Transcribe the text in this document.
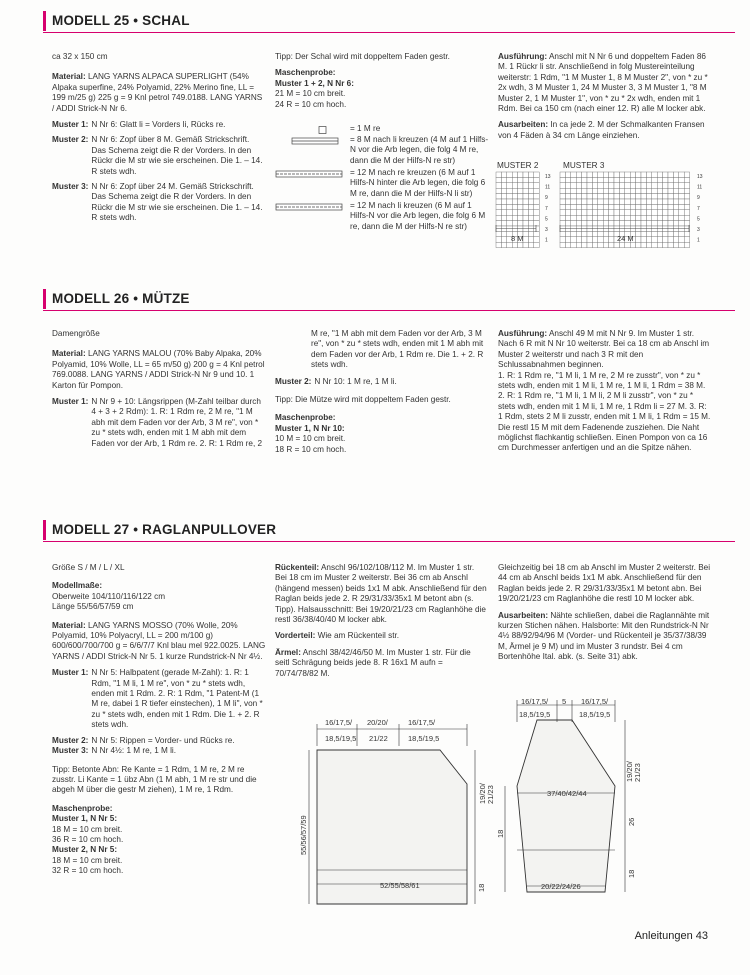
MODELL 25 • SCHAL

ca 32 x 150 cm

Material: LANG YARNS ALPACA SUPERLIGHT (54% Alpaka superfine, 24% Polyamid, 22% Merino fine, LL = 199 m/25 g) 225 g = 9 Knl petrol 749.0188. LANG YARNS / ADDI Strick-N Nr 6.

Muster 1: N Nr 6: Glatt li = Vorders li, Rücks re.
Muster 2: N Nr 6: Zopf über 8 M. Gemäß Strickschrift. Das Schema zeigt die R der Vorders. In den Rückr die M str wie sie erscheinen. Die 1. – 14. R stets wdh.
Muster 3: N Nr 6: Zopf über 24 M. Gemäß Strickschrift. Das Schema zeigt die R der Vorders. In den Rückr die M str wie sie erscheinen. Die 1. – 14. R stets wdh.

Tipp: Der Schal wird mit doppeltem Faden gestr.

Maschenprobe:
Muster 1 + 2, N Nr 6:
21 M = 10 cm breit.
24 R = 10 cm hoch.

= 1 M re
= 8 M nach li kreuzen (4 M auf 1 Hilfs-N vor die Arb legen, die folg 4 M re, dann die M der Hilfs-N re str)
= 12 M nach re kreuzen (6 M auf 1 Hilfs-N hinter die Arb legen, die folg 6 M re, dann die M der Hilfs-N li str)
= 12 M nach li kreuzen (6 M auf 1 Hilfs-N vor die Arb legen, die folg 6 M re, dann die M der Hilfs-N re str)

Ausführung: Anschl mit N Nr 6 und doppeltem Faden 86 M. 1 Rückr li str. Anschließend in folg Mustereinteilung weiterstr: 1 Rdm, "1 M Muster 1, 8 M Muster 2", von * zu * 2x wdh, 3 M Muster 1, 24 M Muster 3, 3 M Muster 1, "8 M Muster 2, 1 M Muster 1", von * zu * 2x wdh, enden mit 1 Rdm. Bei ca 150 cm (nach einer 12. R) alle M locker abk.

Ausarbeiten: In ca jede 2. M der Schmalkanten Fransen von 4 Fäden à 34 cm Länge einziehen.

MUSTER 2	MUSTER 3
13	13
11	11
9	9
7	7
5	5
3	3
1	1
8 M	24 M
MODELL 26 • MÜTZE

Damengröße

Material: LANG YARNS MALOU (70% Baby Alpaka, 20% Polyamid, 10% Wolle, LL = 65 m/50 g) 200 g = 4 Knl petrol 769.0088. LANG YARNS / ADDI Strick-N Nr 9 und 10. 1 Karton für Pompon.

Muster 1: N Nr 9 + 10: Längsrippen (M-Zahl teilbar durch 4 + 3 + 2 Rdm): 1. R: 1 Rdm re, 2 M re, "1 M abh mit dem Faden vor der Arb, 3 M re", von * zu * stets wdh, enden mit 1 M abh mit dem Faden vor der Arb, 1 Rdm re. 2. R: 1 Rdm re, 2

M re, "1 M abh mit dem Faden vor der Arb, 3 M re", von * zu * stets wdh, enden mit 1 M abh mit dem Faden vor der Arb, 1 Rdm re. Die 1. + 2. R stets wdh.

Muster 2: N Nr 10: 1 M re, 1 M li.

Tipp: Die Mütze wird mit doppeltem Faden gestr.

Maschenprobe:
Muster 1, N Nr 10:
10 M = 10 cm breit.
18 R = 10 cm hoch.

Ausführung: Anschl 49 M mit N Nr 9. Im Muster 1 str. Nach 6 R mit N Nr 10 weiterstr. Bei ca 18 cm ab Anschl im Muster 2 weiterstr und nach 3 R mit den Schlussabnahmen beginnen.

1. R: 1 Rdm re, "1 M li, 1 M re, 2 M re zusstr", von * zu * stets wdh, enden mit 1 M li, 1 M re, 1 M li, 1 Rdm = 38 M. 2. R: 1 Rdm re, "1 M li, 1 M li, 2 M li zusstr", von * zu * stets wdh, enden mit 1 M li, 1 M re, 1 Rdm li = 27 M. 3. R: 1 Rdm, stets 2 M li zusstr, enden mit 1 M li, 1 Rdm = 15 M. Die restl 15 M mit dem Fadenende zusziehen. Die Naht möglichst flachkantig schließen. Einen Pompon von ca 16 cm Durchmesser anfertigen und an die Spitze nähen.

MODELL 27 • RAGLANPULLOVER

Größe S / M / L / XL

Modellmaße:
Oberweite 104/110/116/122 cm
Länge 55/56/57/59 cm

Material: LANG YARNS MOSSO (70% Wolle, 20% Polyamid, 10% Polyacryl, LL = 200 m/100 g) 600/600/700/700 g = 6/6/7/7 Knl blau mel 922.0025. LANG YARNS / ADDI Strick-N Nr 5. 1 kurze Rundstrick-N Nr 4½.

Muster 1: N Nr 5: Halbpatent (gerade M-Zahl): 1. R: 1 Rdm, "1 M li, 1 M re", von * zu * stets wdh, enden mit 1 Rdm. 2. R: 1 Rdm, "1 Patent-M (1 M re, dabei 1 R tiefer einstechen), 1 M li", von * zu * stets wdh, enden mit 1 Rdm. Die 1. + 2. R stets wdh.
Muster 2: N Nr 5: Rippen = Vorder- und Rücks re.
Muster 3: N Nr 4½: 1 M re, 1 M li.

Tipp: Betonte Abn: Re Kante = 1 Rdm, 1 M re, 2 M re zusstr. Li Kante = 1 übz Abn (1 M abh, 1 M re str und die abgeh M über die gestr M ziehen), 1 M re, 1 Rdm.

Maschenprobe:
Muster 1, N Nr 5:
18 M = 10 cm breit.
36 R = 10 cm hoch.
Muster 2, N Nr 5:
18 M = 10 cm breit.
32 R = 10 cm hoch.

Rückenteil: Anschl 96/102/108/112 M. Im Muster 1 str. Bei 18 cm im Muster 2 weiterstr. Bei 36 cm ab Anschl (hängend messen) beids 1x1 M abk. Anschließend für den Raglan beids jede 2. R 29/31/33/35x1 M betont abn (s. Tipp). Halsausschnitt: Bei 19/20/21/23 cm Raglanhöhe die restl 36/38/40/40 M locker abk.

Vorderteil: Wie am Rückenteil str.

Ärmel: Anschl 38/42/46/50 M. Im Muster 1 str. Für die seitl Schrägung beids jede 8. R 16x1 M aufn = 70/74/78/82 M.

Gleichzeitig bei 18 cm ab Anschl im Muster 2 weiterstr. Bei 44 cm ab Anschl beids 1x1 M abk. Anschließend für den Raglan beids jede 2. R 29/31/33/35x1 M betont abn. Bei 19/20/21/23 cm Raglanhöhe die restl 10 M locker abk.

Ausarbeiten: Nähte schließen, dabei die Raglannähte mit kurzen Stichen nähen. Halsborte: Mit den Rundstrick-N Nr 4½ 88/92/94/96 M (Vorder- und Rückenteil je 35/37/38/39 M, Ärmel je 9 M) und im Muster 3 rundstr. Bei 4 cm Bortenhöhe Ital. abk. (s. Seite 31) abk.

16/17,5/
18,5/19,5
20/20/
21/22
16/17,5/
18,5/19,5
55/56/57/59
19/20/ 21/23
18
52/55/58/61
16/17,5/
18,5/19,5
5 16/17,5/
18,5/19,5
37/40/42/44
20/22/24/26
19/20/ 21/23
26
18
18
Anleitungen 43
